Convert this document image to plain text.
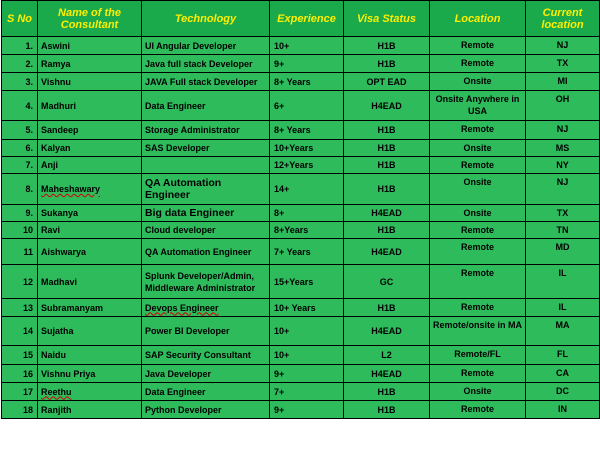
S No	Name of the Consultant	Technology	Experience	Visa Status	Location	Current location
1.	Aswini	UI Angular Developer	10+	H1B	Remote	NJ
2.	Ramya	Java full stack Developer	9+	H1B	Remote	TX
3.	Vishnu	JAVA Full stack Developer	8+ Years	OPT EAD	Onsite	MI
4.	Madhuri	Data Engineer	6+	H4EAD	Onsite Anywhere in USA	OH
5.	Sandeep	Storage Administrator	8+ Years	H1B	Remote	NJ
6.	Kalyan	SAS Developer	10+Years	H1B	Onsite	MS
7.	Anji		12+Years	H1B	Remote	NY
8.	Maheshawary	QA Automation Engineer	14+	H1B	Onsite	NJ
9.	Sukanya	Big data Engineer	8+	H4EAD	Onsite	TX
10	Ravi	Cloud developer	8+Years	H1B	Remote	TN
11	Aishwarya	QA Automation Engineer	7+ Years	H4EAD	Remote	MD
12	Madhavi	Splunk Developer/Admin, Middleware Administrator	15+Years	GC	Remote	IL
13	Subramanyam	Devops Engineer	10+ Years	H1B	Remote	IL
14	Sujatha	Power BI Developer	10+	H4EAD	Remote/onsite in MA	MA
15	Naidu	SAP Security Consultant	10+	L2	Remote/FL	FL
16	Vishnu Priya	Java Developer	9+	H4EAD	Remote	CA
17	Reethu	Data Engineer	7+	H1B	Onsite	DC
18	Ranjith	Python Developer	9+	H1B	Remote	IN
